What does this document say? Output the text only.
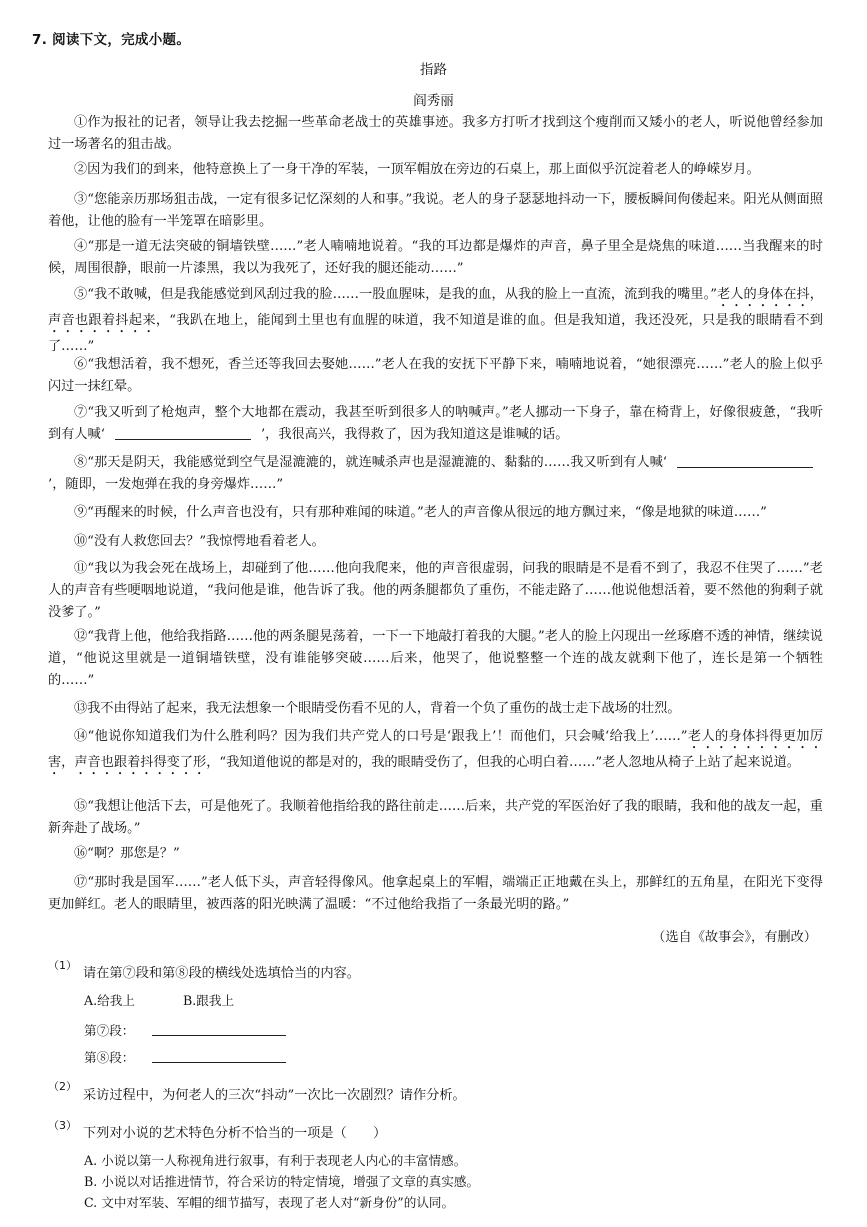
7. 阅读下文，完成小题。
指路
阎秀丽

①作为报社的记者，领导让我去挖掘一些革命老战士的英雄事迹。我多方打听才找到这个瘦削而又矮小的老人，听说他曾经参加过一场著名的狙击战。

②因为我们的到来，他特意换上了一身干净的军装，一顶军帽放在旁边的石桌上，那上面似乎沉淀着老人的峥嵘岁月。

③“您能亲历那场狙击战，一定有很多记忆深刻的人和事。”我说。老人的身子瑟瑟地抖动一下，腰板瞬间佝偻起来。阳光从侧面照着他，让他的脸有一半笼罩在暗影里。

④“那是一道无法突破的铜墙铁壁……”老人喃喃地说着。“我的耳边都是爆炸的声音，鼻子里全是烧焦的味道……当我醒来的时候，周围很静，眼前一片漆黑，我以为我死了，还好我的腿还能动……”

⑤“我不敢喊，但是我能感觉到风刮过我的脸……一股血腥味，是我的血，从我的脸上一直流，流到我的嘴里。”老人的身体在抖，声音也跟着抖起来，“我趴在地上，能闻到土里也有血腥的味道，我不知道是谁的血。但是我知道，我还没死，只是我的眼睛看不到了……”

⑥“我想活着，我不想死，香兰还等我回去娶她……”老人在我的安抚下平静下来，喃喃地说着，“她很漂亮……”老人的脸上似乎闪过一抹红晕。

⑦“我又听到了枪炮声，整个大地都在震动，我甚至听到很多人的呐喊声。”老人挪动一下身子，靠在椅背上，好像很疲惫，“我听到有人喊‘	’，我很高兴，我得救了，因为我知道这是谁喊的话。

⑧“那天是阴天，我能感觉到空气是湿漉漉的，就连喊杀声也是湿漉漉的、黏黏的……我又听到有人喊‘’，随即，一发炮弹在我的身旁爆炸……”

⑨“再醒来的时候，什么声音也没有，只有那种难闻的味道。”老人的声音像从很远的地方飘过来，“像是地狱的味道……”

⑩“没有人救您回去？”我惊愕地看着老人。

⑪“我以为我会死在战场上，却碰到了他……他向我爬来，他的声音很虚弱，问我的眼睛是不是看不到了，我忍不住哭了……”老人的声音有些哽咽地说道，“我问他是谁，他告诉了我。他的两条腿都负了重伤，不能走路了……他说他想活着，要不然他的狗剩子就没爹了。”

⑫“我背上他，他给我指路……他的两条腿晃荡着，一下一下地敲打着我的大腿。”老人的脸上闪现出一丝琢磨不透的神情，继续说道，“他说这里就是一道铜墙铁壁，没有谁能够突破……后来，他哭了，他说整整一个连的战友就剩下他了，连长是第一个牺牲的……”

⑬我不由得站了起来，我无法想象一个眼睛受伤看不见的人，背着一个负了重伤的战士走下战场的壮烈。

⑭“他说你知道我们为什么胜利吗？因为我们共产党人的口号是‘跟我上’！而他们，只会喊‘给我上’……”老人的身体抖得更加厉害，声音也跟着抖得变了形，“我知道他说的都是对的，我的眼睛受伤了，但我的心明白着……”老人忽地从椅子上站了起来说道。

⑮“我想让他活下去，可是他死了。我顺着他指给我的路往前走……后来，共产党的军医治好了我的眼睛，我和他的战友一起，重新奔赴了战场。”

⑯“啊？那您是？”

⑰“那时我是国军……”老人低下头，声音轻得像风。他拿起桌上的军帽，端端正正地戴在头上，那鲜红的五角星，在阳光下变得更加鲜红。老人的眼睛里，被西落的阳光映满了温暖：“不过他给我指了一条最光明的路。”

（选自《故事会》，有删改）
（1）
请在第⑦段和第⑧段的横线处选填恰当的内容。
A.给我上	B.跟我上
第⑦段：
第⑧段：
（2）
采访过程中，为何老人的三次“抖动”一次比一次剧烈？请作分析。
（3）
下列对小说的艺术特色分析不恰当的一项是（　　）
A. 小说以第一人称视角进行叙事，有利于表现老人内心的丰富情感。
B. 小说以对话推进情节，符合采访的特定情境，增强了文章的真实感。
C. 文中对军装、军帽的细节描写，表现了老人对“新身份”的认同。
